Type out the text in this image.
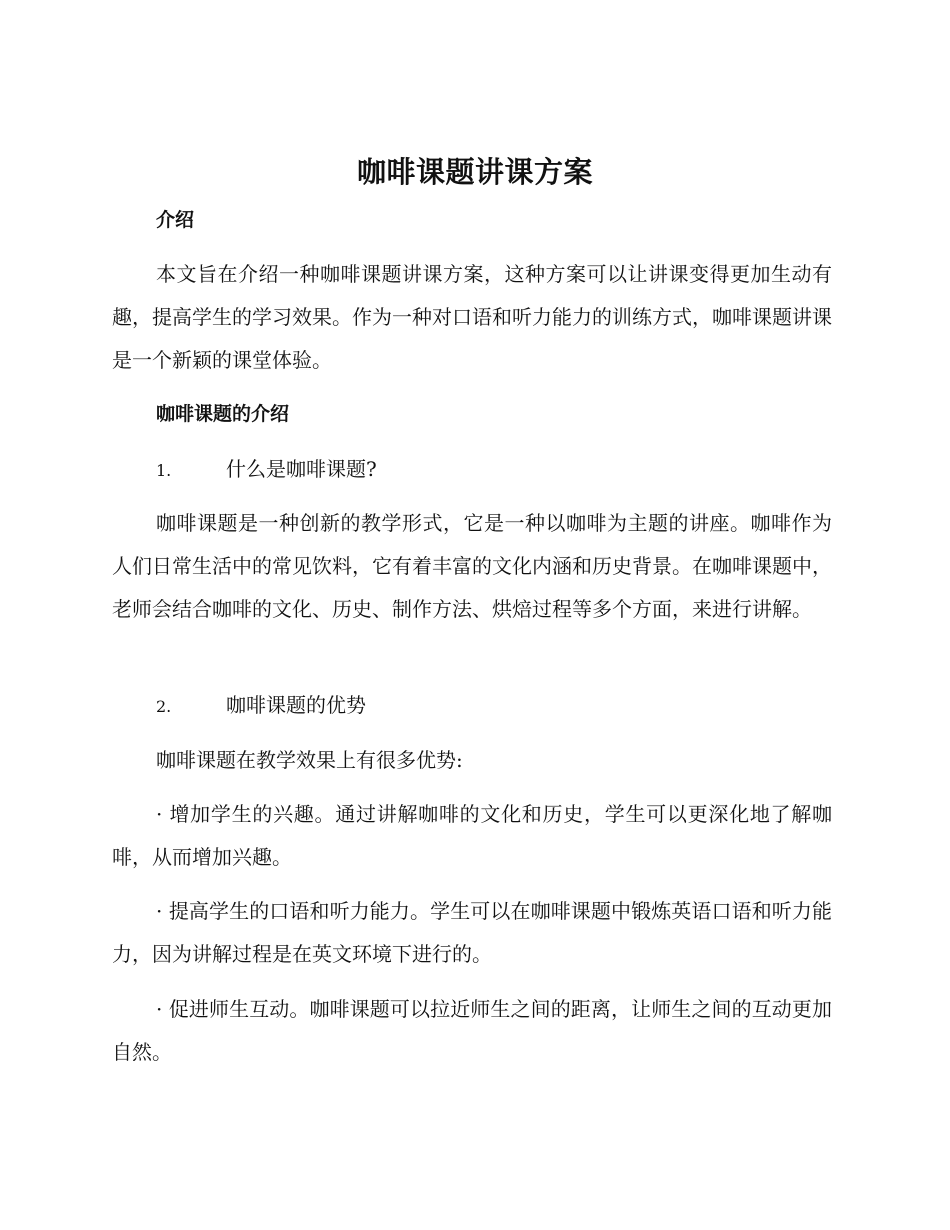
咖啡课题讲课方案
介绍

本文旨在介绍一种咖啡课题讲课方案，这种方案可以让讲课变得更加生动有趣，提高学生的学习效果。作为一种对口语和听力能力的训练方式，咖啡课题讲课是一个新颖的课堂体验。

咖啡课题的介绍
1.	什么是咖啡课题?

咖啡课题是一种创新的教学形式，它是一种以咖啡为主题的讲座。咖啡作为人们日常生活中的常见饮料，它有着丰富的文化内涵和历史背景。在咖啡课题中，老师会结合咖啡的文化、历史、制作方法、烘焙过程等多个方面，来进行讲解。

2.	咖啡课题的优势

咖啡课题在教学效果上有很多优势:

· 增加学生的兴趣。通过讲解咖啡的文化和历史，学生可以更深化地了解咖啡，从而增加兴趣。

· 提高学生的口语和听力能力。学生可以在咖啡课题中锻炼英语口语和听力能力，因为讲解过程是在英文环境下进行的。

· 促进师生互动。咖啡课题可以拉近师生之间的距离，让师生之间的互动更加自然。
